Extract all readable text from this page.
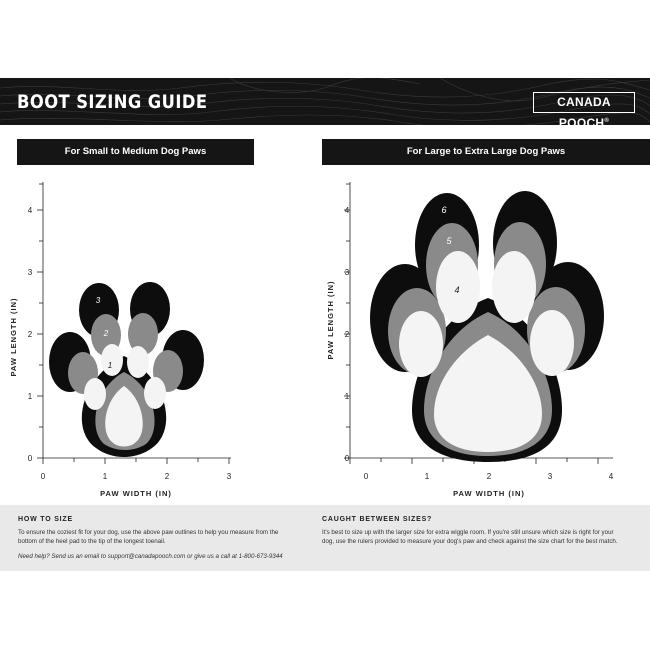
BOOT SIZING GUIDE	CANADA POOCH®
For Small to Medium Dog Paws	For Large to Extra Large Dog Paws
0	1	2	3
0
1
2
3
4
PAW WIDTH (IN)
PAW LENGTH (IN)	3
2
1
0	1	2	3	4
0
1
2
3
4
PAW WIDTH (IN)
PAW LENGTH (IN)
6
5
4

HOW TO SIZE

To ensure the coziest fit for your dog, use the above paw outlines to help you measure from the bottom of the heel pad to the tip of the longest toenail.

Need help? Send us an email to support@canadapooch.com or give us a call at 1-800-673-9344

CAUGHT BETWEEN SIZES?

It's best to size up with the larger size for extra wiggle room. If you're still unsure which size is right for your dog, use the rulers provided to measure your dog's paw and check against the size chart for the best match.
